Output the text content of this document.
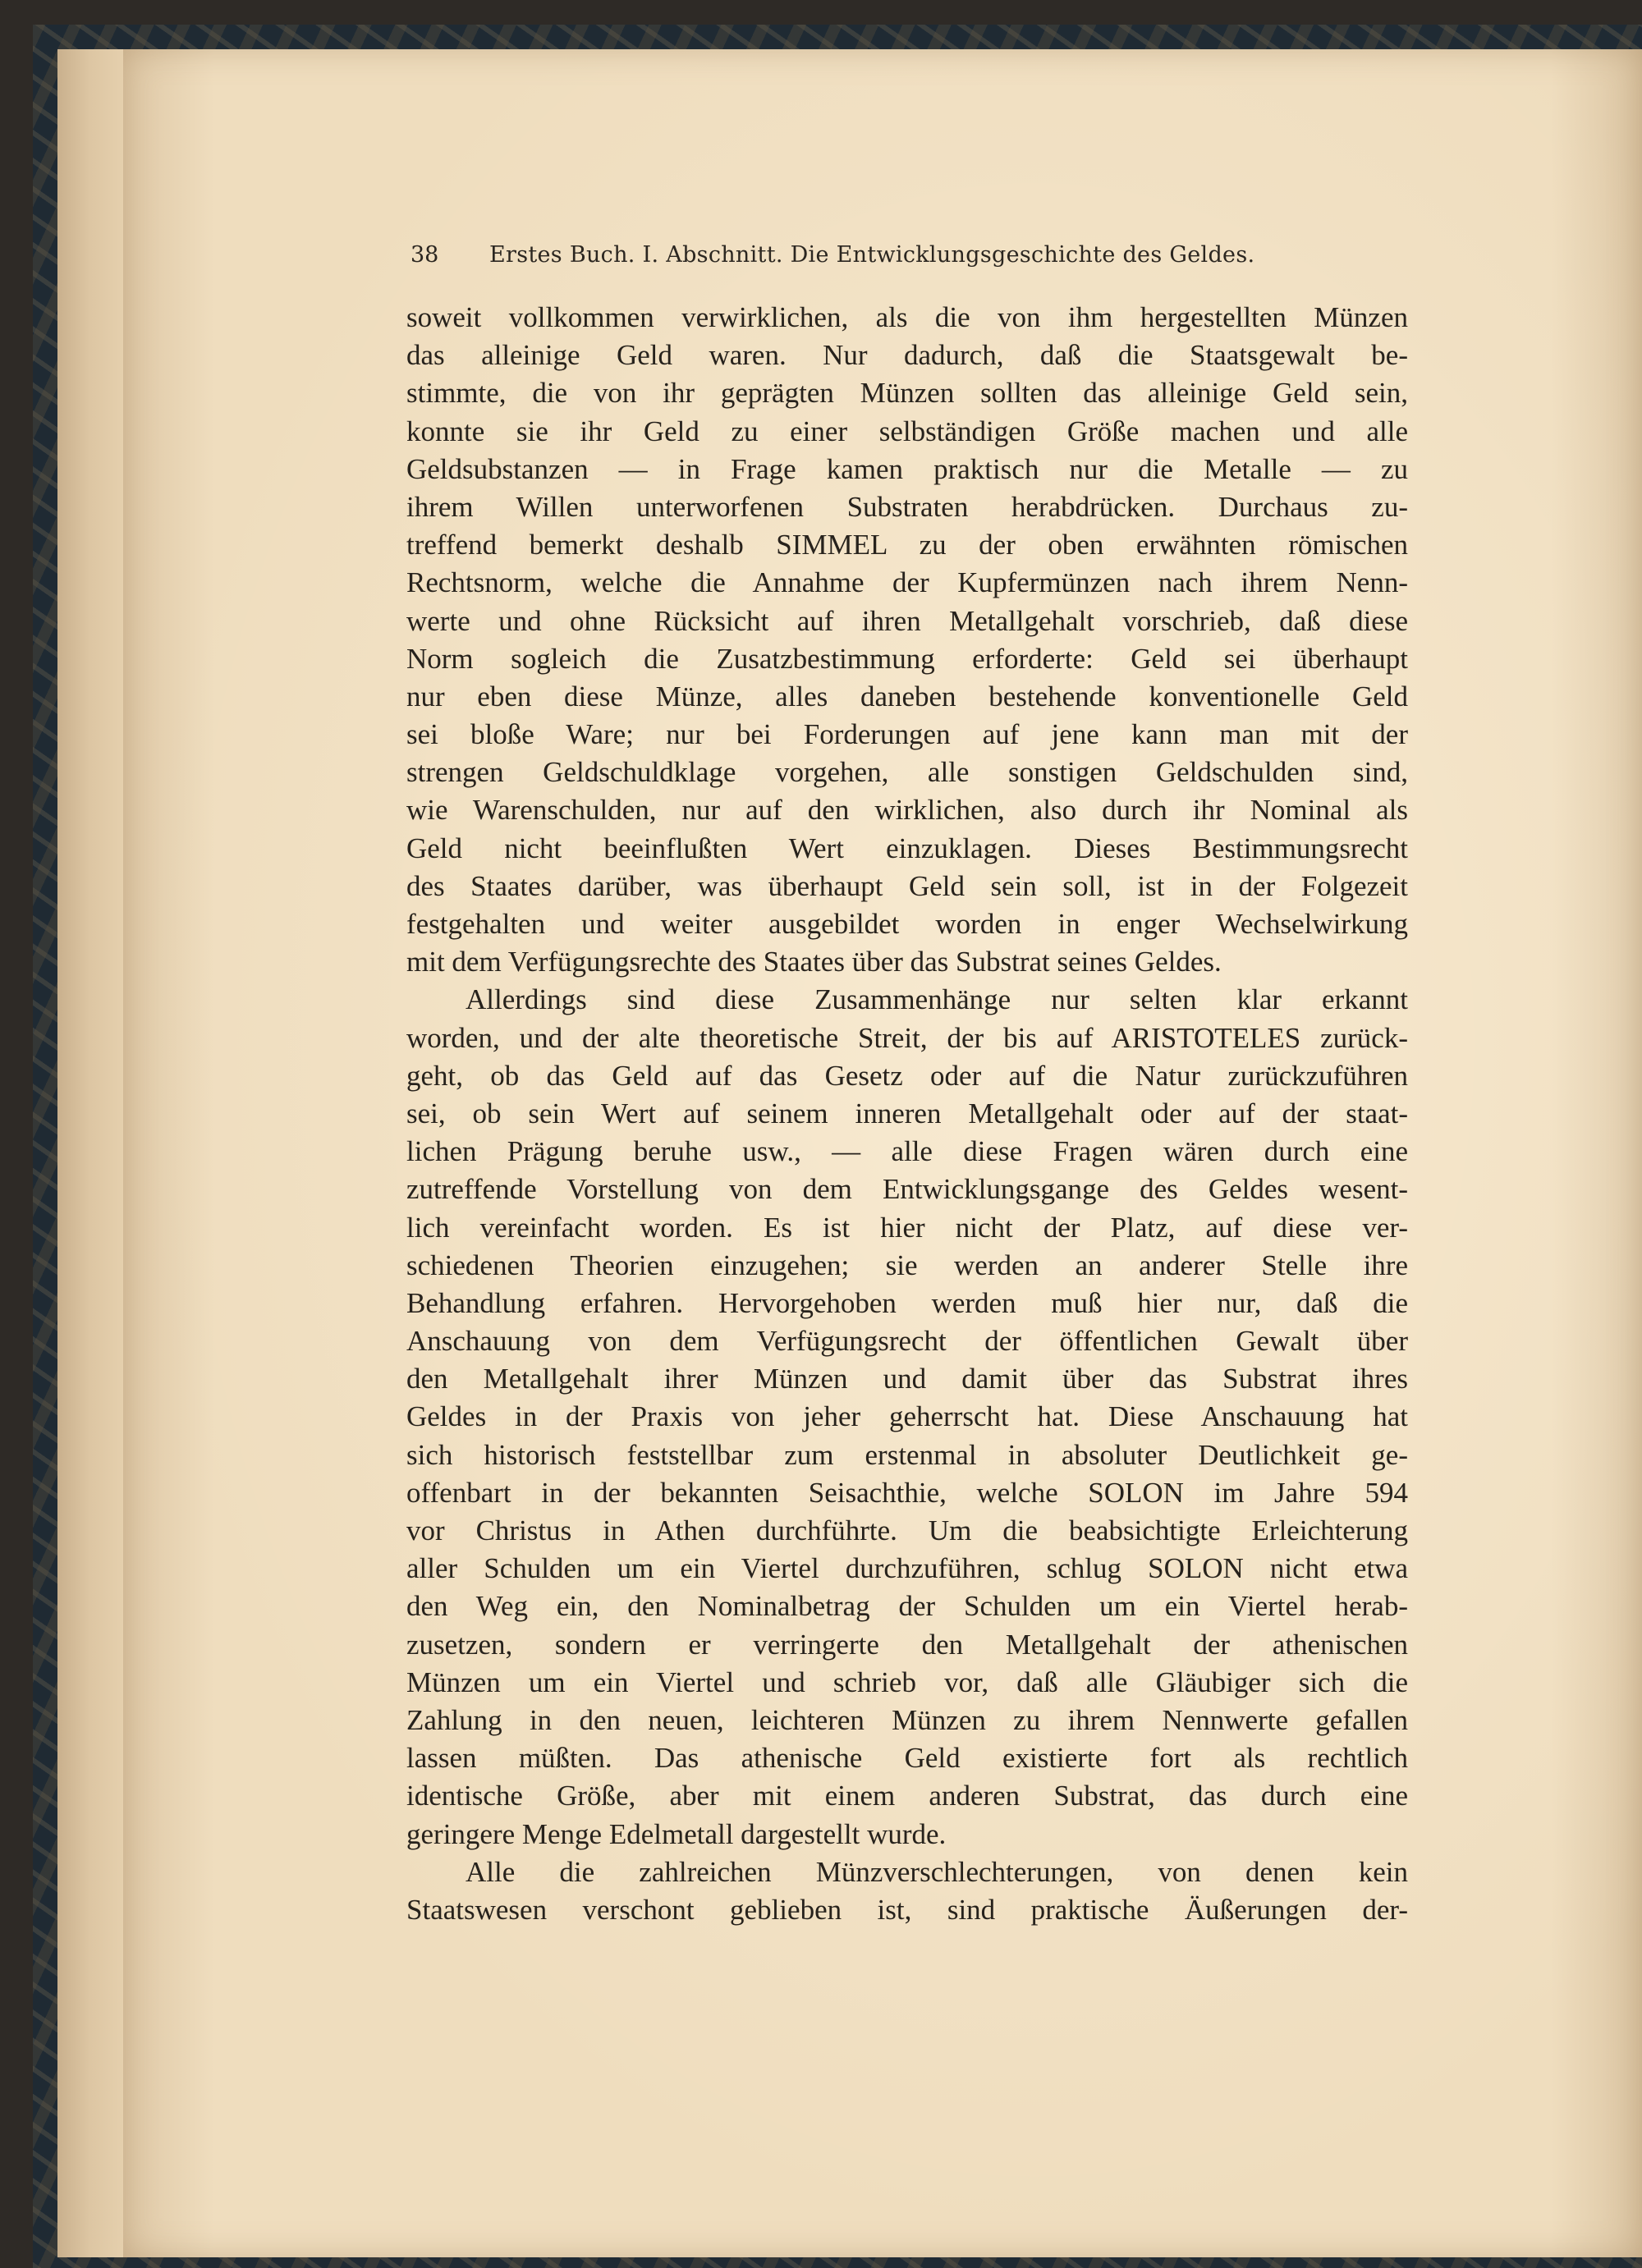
38 Erstes Buch. I. Abschnitt. Die Entwicklungsgeschichte des Geldes.
soweit vollkommen verwirklichen, als die von ihm hergestellten Münzen
das alleinige Geld waren. Nur dadurch, daß die Staatsgewalt be-
stimmte, die von ihr geprägten Münzen sollten das alleinige Geld sein,
konnte sie ihr Geld zu einer selbständigen Größe machen und alle
Geldsubstanzen — in Frage kamen praktisch nur die Metalle — zu
ihrem Willen unterworfenen Substraten herabdrücken. Durchaus zu-
treffend bemerkt deshalb SIMMEL zu der oben erwähnten römischen
Rechtsnorm, welche die Annahme der Kupfermünzen nach ihrem Nenn-
werte und ohne Rücksicht auf ihren Metallgehalt vorschrieb, daß diese
Norm sogleich die Zusatzbestimmung erforderte: Geld sei überhaupt
nur eben diese Münze, alles daneben bestehende konventionelle Geld
sei bloße Ware; nur bei Forderungen auf jene kann man mit der
strengen Geldschuldklage vorgehen, alle sonstigen Geldschulden sind,
wie Warenschulden, nur auf den wirklichen, also durch ihr Nominal als
Geld nicht beeinflußten Wert einzuklagen. Dieses Bestimmungsrecht
des Staates darüber, was überhaupt Geld sein soll, ist in der Folgezeit
festgehalten und weiter ausgebildet worden in enger Wechselwirkung
mit dem Verfügungsrechte des Staates über das Substrat seines Geldes.
Allerdings sind diese Zusammenhänge nur selten klar erkannt
worden, und der alte theoretische Streit, der bis auf ARISTOTELES zurück-
geht, ob das Geld auf das Gesetz oder auf die Natur zurückzuführen
sei, ob sein Wert auf seinem inneren Metallgehalt oder auf der staat-
lichen Prägung beruhe usw., — alle diese Fragen wären durch eine
zutreffende Vorstellung von dem Entwicklungsgange des Geldes wesent-
lich vereinfacht worden. Es ist hier nicht der Platz, auf diese ver-
schiedenen Theorien einzugehen; sie werden an anderer Stelle ihre
Behandlung erfahren. Hervorgehoben werden muß hier nur, daß die
Anschauung von dem Verfügungsrecht der öffentlichen Gewalt über
den Metallgehalt ihrer Münzen und damit über das Substrat ihres
Geldes in der Praxis von jeher geherrscht hat. Diese Anschauung hat
sich historisch feststellbar zum erstenmal in absoluter Deutlichkeit ge-
offenbart in der bekannten Seisachthie, welche SOLON im Jahre 594
vor Christus in Athen durchführte. Um die beabsichtigte Erleichterung
aller Schulden um ein Viertel durchzuführen, schlug SOLON nicht etwa
den Weg ein, den Nominalbetrag der Schulden um ein Viertel herab-
zusetzen, sondern er verringerte den Metallgehalt der athenischen
Münzen um ein Viertel und schrieb vor, daß alle Gläubiger sich die
Zahlung in den neuen, leichteren Münzen zu ihrem Nennwerte gefallen
lassen müßten. Das athenische Geld existierte fort als rechtlich
identische Größe, aber mit einem anderen Substrat, das durch eine
geringere Menge Edelmetall dargestellt wurde.
Alle die zahlreichen Münzverschlechterungen, von denen kein
Staatswesen verschont geblieben ist, sind praktische Äußerungen der-
